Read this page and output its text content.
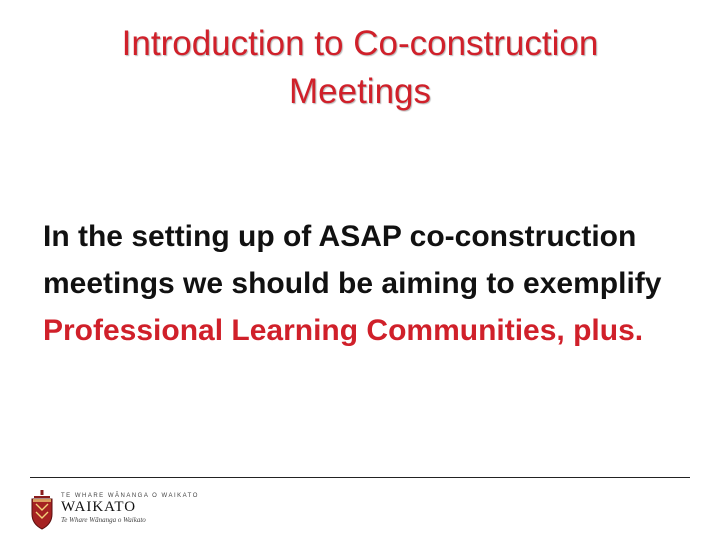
Introduction to Co-construction
Meetings
In the setting up of ASAP co-construction meetings we should be aiming to exemplify Professional Learning Communities, plus.
TE WHARE WĀNANGA O WAIKATO
WAIKATO
Te Whare Wānanga o Waikato
